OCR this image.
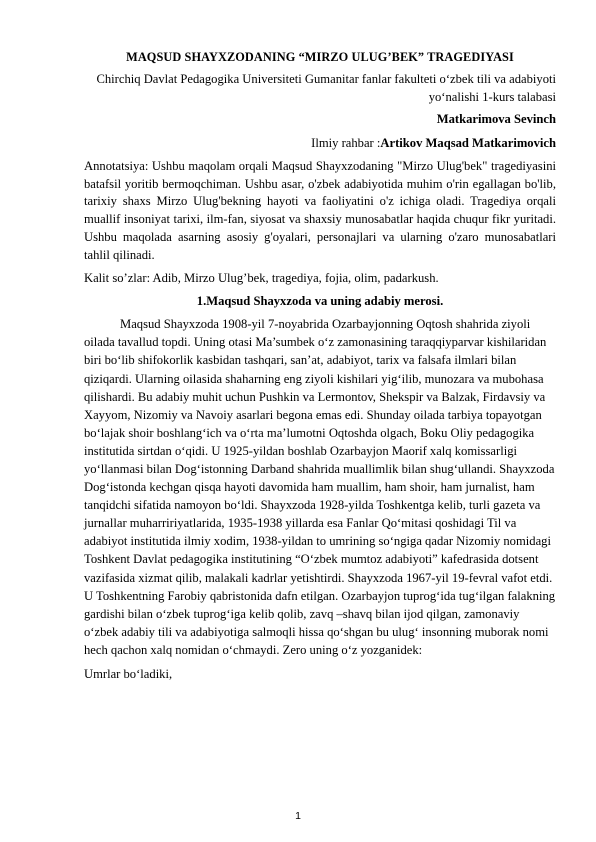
MAQSUD SHAYXZODANING “MIRZO ULUG’BEK” TRAGEDIYASI

Chirchiq Davlat Pedagogika Universiteti Gumanitar fanlar fakulteti o‘zbek tili va adabiyoti yo‘nalishi 1-kurs talabasi

Matkarimova Sevinch

Ilmiy rahbar :Artikov Maqsad Matkarimovich

Annotatsiya: Ushbu maqolam orqali Maqsud Shayxzodaning "Mirzo Ulug'bek" tragediyasini batafsil yoritib bermoqchiman. Ushbu asar, o'zbek adabiyotida muhim o'rin egallagan bo'lib, tarixiy shaxs Mirzo Ulug'bekning hayoti va faoliyatini o'z ichiga oladi. Tragediya orqali muallif insoniyat tarixi, ilm-fan, siyosat va shaxsiy munosabatlar haqida chuqur fikr yuritadi. Ushbu maqolada asarning asosiy g'oyalari, personajlari va ularning o'zaro munosabatlari tahlil qilinadi.

Kalit so’zlar: Adib, Mirzo Ulug’bek, tragediya, fojia, olim, padarkush.

1.Maqsud Shayxzoda va uning adabiy merosi.

Maqsud Shayxzoda 1908-yil 7-noyabrida Ozarbayjonning Oqtosh shahrida ziyoli oilada tavallud topdi. Uning otasi Ma’sumbek o‘z zamonasining taraqqiyparvar kishilaridan biri bo‘lib shifokorlik kasbidan tashqari, san’at, adabiyot, tarix va falsafa ilmlari bilan qiziqardi. Ularning oilasida shaharning eng ziyoli kishilari yig‘ilib, munozara va mubohasa qilishardi. Bu adabiy muhit uchun Pushkin va Lermontov, Shekspir va Balzak, Firdavsiy va Xayyom, Nizomiy va Navoiy asarlari begona emas edi. Shunday oilada tarbiya topayotgan bo‘lajak shoir boshlang‘ich va o‘rta ma’lumotni Oqtoshda olgach, Boku Oliy pedagogika institutida sirtdan o‘qidi. U 1925-yildan boshlab Ozarbayjon Maorif xalq komissarligi yo‘llanmasi bilan Dog‘istonning Darband shahrida muallimlik bilan shug‘ullandi. Shayxzoda Dog‘istonda kechgan qisqa hayoti davomida ham muallim, ham shoir, ham jurnalist, ham tanqidchi sifatida namoyon bo‘ldi. Shayxzoda 1928-yilda Toshkentga kelib, turli gazeta va jurnallar muharririyatlarida, 1935-1938 yillarda esa Fanlar Qo‘mitasi qoshidagi Til va adabiyot institutida ilmiy xodim, 1938-yildan to umrining so‘ngiga qadar Nizomiy nomidagi Toshkent Davlat pedagogika institutining “O‘zbek mumtoz adabiyoti” kafedrasida dotsent vazifasida xizmat qilib, malakali kadrlar yetishtirdi. Shayxzoda 1967-yil 19-fevral vafot etdi. U Toshkentning Farobiy qabristonida dafn etilgan. Ozarbayjon tuprog‘ida tug‘ilgan falakning gardishi bilan o‘zbek tuprog‘iga kelib qolib, zavq –shavq bilan ijod qilgan, zamonaviy o‘zbek adabiy tili va adabiyotiga salmoqli hissa qo‘shgan bu ulug‘ insonning muborak nomi hech qachon xalq nomidan o‘chmaydi. Zero uning o‘z yozganidek:

Umrlar bo‘ladiki,

1
